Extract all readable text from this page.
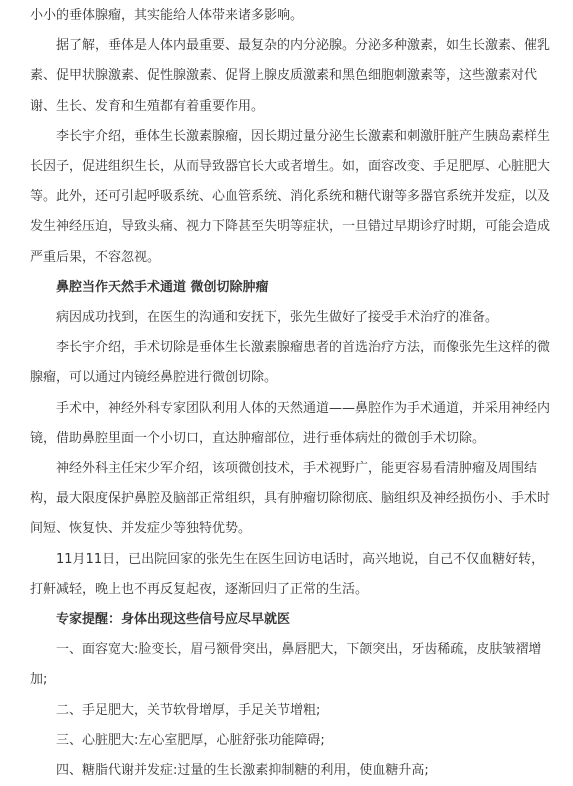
小小的垂体腺瘤，其实能给人体带来诸多影响。

据了解，垂体是人体内最重要、最复杂的内分泌腺。分泌多种激素，如生长激素、催乳素、促甲状腺激素、促性腺激素、促肾上腺皮质激素和黑色细胞刺激素等，这些激素对代谢、生长、发育和生殖都有着重要作用。

李长宇介绍，垂体生长激素腺瘤，因长期过量分泌生长激素和刺激肝脏产生胰岛素样生长因子，促进组织生长，从而导致器官长大或者增生。如，面容改变、手足肥厚、心脏肥大等。此外，还可引起呼吸系统、心血管系统、消化系统和糖代谢等多器官系统并发症，以及发生神经压迫，导致头痛、视力下降甚至失明等症状，一旦错过早期诊疗时期，可能会造成严重后果，不容忽视。

鼻腔当作天然手术通道 微创切除肿瘤

病因成功找到，在医生的沟通和安抚下，张先生做好了接受手术治疗的准备。

李长宇介绍，手术切除是垂体生长激素腺瘤患者的首选治疗方法，而像张先生这样的微腺瘤，可以通过内镜经鼻腔进行微创切除。

手术中，神经外科专家团队利用人体的天然通道——鼻腔作为手术通道，并采用神经内镜，借助鼻腔里面一个小切口，直达肿瘤部位，进行垂体病灶的微创手术切除。

神经外科主任宋少军介绍，该项微创技术，手术视野广，能更容易看清肿瘤及周围结构，最大限度保护鼻腔及脑部正常组织，具有肿瘤切除彻底、脑组织及神经损伤小、手术时间短、恢复快、并发症少等独特优势。

11月11日，已出院回家的张先生在医生回访电话时，高兴地说，自己不仅血糖好转，打鼾减轻，晚上也不再反复起夜，逐渐回归了正常的生活。

专家提醒：身体出现这些信号应尽早就医

一、面容宽大:脸变长，眉弓额骨突出，鼻唇肥大，下颌突出，牙齿稀疏，皮肤皱褶增加;

二、手足肥大，关节软骨增厚，手足关节增粗;

三、心脏肥大:左心室肥厚，心脏舒张功能障碍;

四、糖脂代谢并发症:过量的生长激素抑制糖的利用，使血糖升高;
